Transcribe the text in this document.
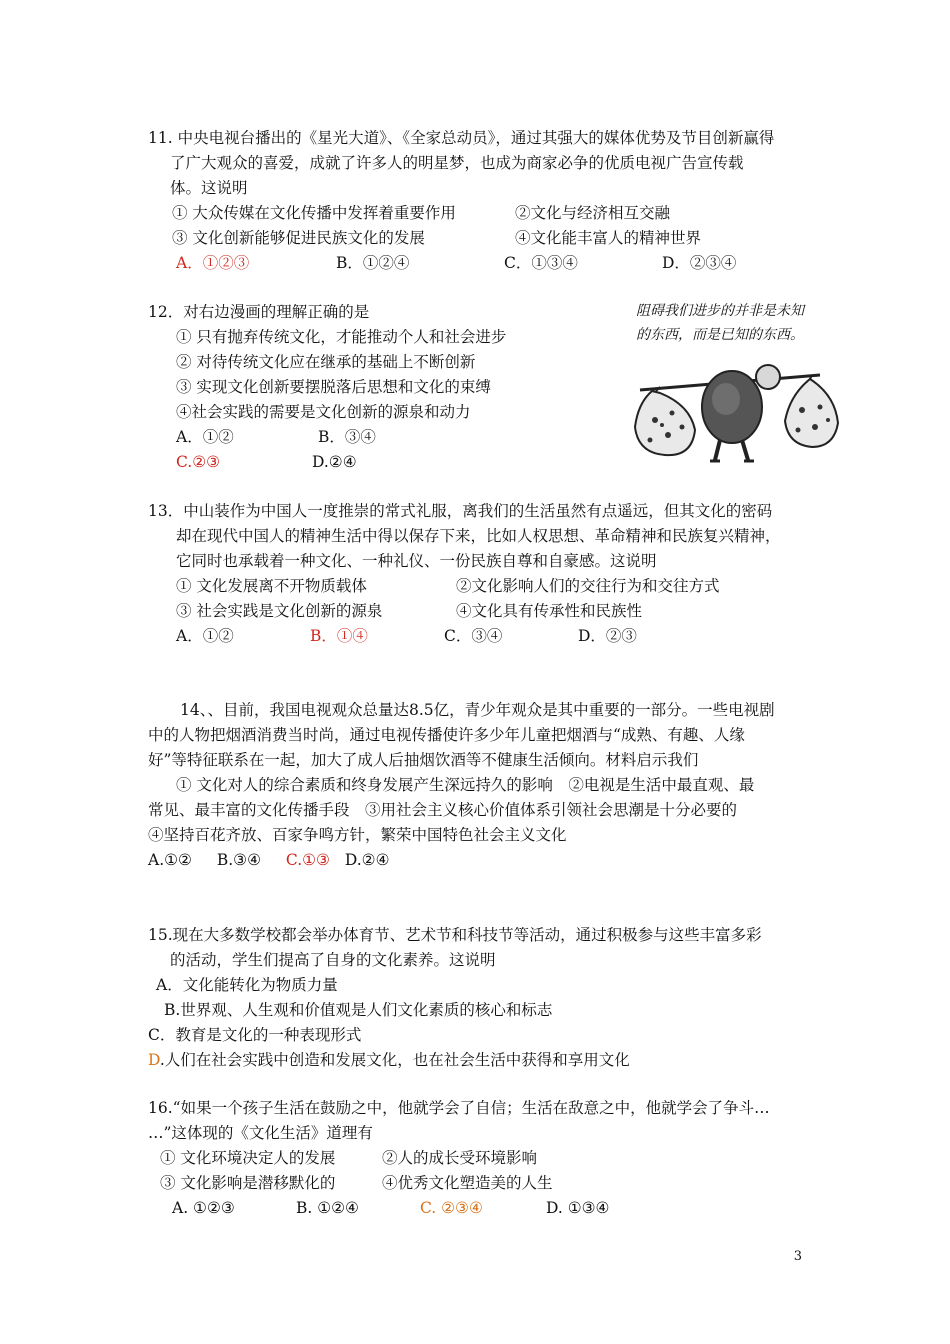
11. 中央电视台播出的《星光大道》、《全家总动员》，通过其强大的媒体优势及节目创新赢得
了广大观众的喜爱，成就了许多人的明星梦，也成为商家必争的优质电视广告宣传载
体。这说明
① 大众传媒在文化传播中发挥着重要作用	②文化与经济相互交融
③ 文化创新能够促进民族文化的发展	④文化能丰富人的精神世界
A．①②③	B．①②④	C．①③④	D．②③④
12．对右边漫画的理解正确的是
① 只有抛弃传统文化，才能推动个人和社会进步
② 对待传统文化应在继承的基础上不断创新
③ 实现文化创新要摆脱落后思想和文化的束缚
④社会实践的需要是文化创新的源泉和动力
A．①②	B．③④
C.②③	D.②④
阻碍我们进步的并非是未知
的东西，而是已知的东西。
13．中山装作为中国人一度推崇的常式礼服，离我们的生活虽然有点遥远，但其文化的密码
却在现代中国人的精神生活中得以保存下来，比如人权思想、革命精神和民族复兴精神，
它同时也承载着一种文化、一种礼仪、一份民族自尊和自豪感。这说明
① 文化发展离不开物质载体	②文化影响人们的交往行为和交往方式
③ 社会实践是文化创新的源泉	④文化具有传承性和民族性
A．①②	B．①④	C．③④	D．②③
14、、目前，我国电视观众总量达8.5亿，青少年观众是其中重要的一部分。一些电视剧
中的人物把烟酒消费当时尚，通过电视传播使许多少年儿童把烟酒与“成熟、有趣、人缘
好”等特征联系在一起，加大了成人后抽烟饮酒等不健康生活倾向。材料启示我们
① 文化对人的综合素质和终身发展产生深远持久的影响　②电视是生活中最直观、最
常见、最丰富的文化传播手段　③用社会主义核心价值体系引领社会思潮是十分必要的
④坚持百花齐放、百家争鸣方针，繁荣中国特色社会主义文化
A.①② B.③④ C.①③ D.②④
15.现在大多数学校都会举办体育节、艺术节和科技节等活动，通过积极参与这些丰富多彩
的活动，学生们提高了自身的文化素养。这说明
A．文化能转化为物质力量
B.世界观、人生观和价值观是人们文化素质的核心和标志
C．教育是文化的一种表现形式
D.人们在社会实践中创造和发展文化，也在社会生活中获得和享用文化
16.“如果一个孩子生活在鼓励之中，他就学会了自信；生活在敌意之中，他就学会了争斗…
…”这体现的《文化生活》道理有
① 文化环境决定人的发展	②人的成长受环境影响
③ 文化影响是潜移默化的	④优秀文化塑造美的人生
A. ①②③	B. ①②④	C. ②③④	D. ①③④
3
